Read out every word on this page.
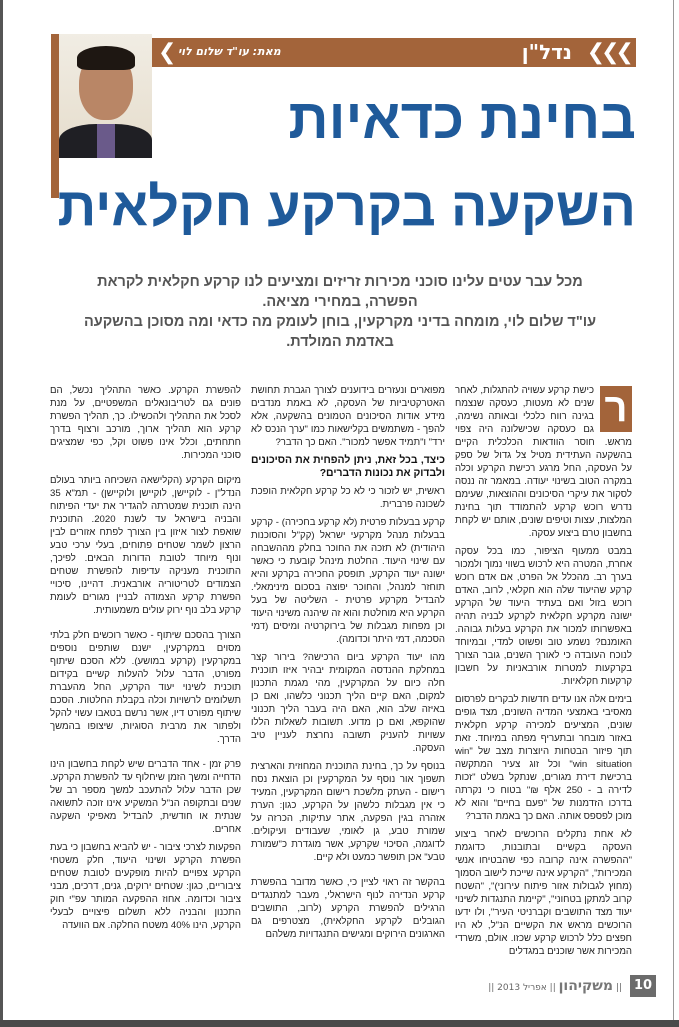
❮ מאת: עו"ד שלום לוי	נדל"ן ❮❮❮
בחינת כדאיות
השקעה בקרקע חקלאית
מכל עבר עטים עלינו סוכני מכירות זריזים ומציעים לנו קרקע חקלאית לקראת הפשרה, במחירי מציאה.
עו"ד שלום לוי, מומחה בדיני מקרקעין, בוחן לעומק מה כדאי ומה מסוכן בהשקעה באדמת המולדת.
ר

כישת קרקע עשויה להתגלות, לאחר שנים לא מעטות, כעסקה שנצמח בגינה רווח כלכלי ובאותה נשימה, גם כעסקה שכישלונה היה צפוי מראש. חוסר הוודאות הכלכלית הקיים בהשקעה העתידית מטיל צל גדול של ספק על העסקה, החל מרגע רכישת הקרקע וכלה במקרה הטוב בשינוי יעודה. במאמר זה ננסה לסקור את עיקרי הסיכונים וההוצאות, שעימם נדרש רוכש קרקע להתמודד תוך בחינת המלצות, עצות וטיפים שונים, אותם יש לקחת בחשבון טרם ביצוע עסקה.

במבט ממעוף הציפור, כמו בכל עסקה אחרת, המטרה היא לרכוש בשווי נמוך ולמכור בערך רב. מהכלל אל הפרט, אם אדם רוכש קרקע שהיעוד שלה הוא חקלאי, לרוב, האדם רוכש בזול ואם בעתיד היעוד של הקרקע ישונה מקרקע חקלאית לקרקע לבניה תהיה באפשרותו למכור את הקרקע בעלות גבוהה. האומנם? נשמע טוב ופשוט למדי, ובמיוחד לנוכח העובדה כי לאורך השנים, גובר הצורך בקרקעות למטרות אורבאניות על חשבון קרקעות חקלאיות.

בימים אלה אנו עדים חדשות לבקרים לפרסום מאסיבי באמצעי המדיה השונים, מצד גופים שונים, המציעים למכירה קרקע חקלאית באזור מובחר ובתעריף מפתה במיוחד. זאת תוך פיזור הבטחות היוצרות מצב של "win win situation" וכל זוג צעיר המתקשה ברכישת דירת מגורים, שנתקל בשלט "זכות לדירה ב - 250 אלף ₪" בטוח כי נקרתה בדרכו הזדמנות של "פעם בחיים" והוא לא מוכן לפספס אותה. האם כך באמת הדבר?

לא אחת נתקלים הרוכשים לאחר ביצוע העסקה בקשיים ובתובנות, כדוגמת "ההפשרה אינה קרובה כפי שהבטיחו אנשי המכירות", "הקרקע אינה שייכת לישוב הסמוך (מחוץ לגבולות אזור פיתוח עירוני)", "השטח קרוב למתקן בטחוני", "קיימת התנגדות לשינוי יעוד מצד התושבים וקברניטי העיר", ולו ידעו הרוכשים מראש את הקשיים הנ"ל, לא היו חפצים כלל לרכוש קרקע שכזו. אולם, משרדי המכירות אשר שוכנים במגדלים

מפוארים ונעזרים בידוענים לצורך הגברת תחושת האטרקטיביות של העסקה, לא באמת מנדבים מידע אודות הסיכונים הטמונים בהשקעה, אלא להפך - משתמשים בקלישאות כמו "ערך הנכס לא ירד" ו"תמיד אפשר למכור". האם כך הדבר?

כיצד, בכל זאת, ניתן להפחית את הסיכונים ולבדוק את נכונות הדברים?

ראשית, יש לזכור כי לא כל קרקע חקלאית הופכת לשכונה פרברית.

קרקע בבעלות פרטית (לא קרקע בחכירה) - קרקע בבעלות מנהל מקרקעי ישראל (קק"ל והסוכנות היהודית) לא תזכה את החוכר בחלק מההשבחה עם שינוי היעוד. החלטת מינהל קובעת כי כאשר ישונה יעוד הקרקע, תופסק החכירה בקרקע והיא תוחזר למנהל, והחוכר יפוצה בסכום מינימאלי. להבדיל מקרקע פרטית - השליטה של בעל הקרקע היא מוחלטת והוא זה שיהנה משינוי היעוד וכן מפחות מגבלות של בירוקרטיה ומיסים (דמי הסכמה, דמי היתר וכדומה).

מהו יעוד הקרקע ביום הרכישה? בירור קצר במחלקת ההנדסה המקומית יבהיר איזו תוכנית חלה כיום על המקרקעין, מהי מגמת התכנון למקום, האם קיים הליך תכנוני כלשהו, ואם כן באיזה שלב הוא, האם היה בעבר הליך תכנוני שהוקפא, ואם כן מדוע. תשובות לשאלות הללו עשויות להעניק תשובה נחרצת לעניין טיב העסקה.

בנוסף על כך, בחינת התוכנית המחוזית והארצית תשפוך אור נוסף על המקרקעין וכן הוצאת נסח רישום - העתק מלשכת רישום המקרקעין, המעיד כי אין מגבלות כלשהן על הקרקע, כגון: הערת אזהרה בגין הפקעה, אתר עתיקות, הכרזה על שמורת טבע, גן לאומי, שעבודים ועיקולים. לדוגמה, הסיכוי שקרקע, אשר מוגדרת כ"שמורת טבע" אכן תופשר כמעט ולא קיים.

בהקשר זה ראוי לציין כי, כאשר מדובר בהפשרת קרקע הנדירה לנוף הישראלי, מעבר למתנגדים הרגילים להפשרת הקרקע (לרוב, התושבים הגובלים לקרקע החקלאית), מצטרפים גם הארגונים הירוקים ומגישים התנגדויות משלהם

להפשרת הקרקע. כאשר התהליך נכשל, הם פונים גם לטריבונאלים המשפטיים, על מנת לסכל את התהליך ולהכשילו. כך, תהליך הפשרת קרקע הוא תהליך ארוך, מורכב ורצוף בדרך חתחתים, וכלל אינו פשוט וקל, כפי שמציגים סוכני המכירות.

מיקום הקרקע (הקלישאה השכיחה ביותר בעולם הנדל"ן - לוקיישן, לוקיישן ולוקיישן) - תמ"א 35 הינה תוכנית שמטרתה להגדיר את יעדי הפיתוח והבניה בישראל עד לשנת 2020. התוכנית שואפת לצור איזון בין הצורך לפתח אזורים לבין הרצון לשמר שטחים פתוחים, בעלי ערכי טבע ונוף מיוחד לטובת הדורות הבאים. לפיכך, התוכנית מעניקה עדיפות להפשרת שטחים הצמודים לטריטוריה אורבאנית. דהיינו, סיכויי הפשרת קרקע הצמודה לבניין מגורים לעומת קרקע בלב נוף ירוק עולים משמעותית.

הצורך בהסכם שיתוף - כאשר רוכשים חלק בלתי מסוים במקרקעין, ישנם שותפים נוספים במקרקעין (קרקע במושע). ללא הסכם שיתוף מפורט, הדבר עלול להעלות קשיים בקידום תוכנית לשינוי יעוד הקרקע, החל מהעברת תשלומים לרשויות וכלה בקבלת החלטות. הסכם שיתוף מפורט דיו, אשר נרשם בטאבו עשוי להקל ולפתור את מרבית הסוגיות, שיצופו בהמשך הדרך.

פרק זמן - אחד הדברים שיש לקחת בחשבון הינו הדחייה ומשך הזמן שיחלוף עד להפשרת הקרקע. שכן הדבר עלול להתעכב למשך מספר רב של שנים ובתקופה הנ"ל המשקיע אינו זוכה לתשואה שנתית או חודשית, להבדיל מאפיקי השקעה אחרים.

הפקעות לצרכי ציבור - יש להביא בחשבון כי בעת הפשרת הקרקע ושינוי היעוד, חלק משטחי הקרקע צפויים להיות מופקעים לטובת שטחים ציבוריים, כגון: שטחים ירוקים, גנים, דרכים, מבני ציבור וכדומה. אחוז ההפקעה המותר עפ"י חוק התכנון והבניה ללא תשלום פיצויים לבעלי הקרקע, הינו 40% משטח החלקה. אם הוועדה

10
|| משקיהון || אפריל 2013 ||
